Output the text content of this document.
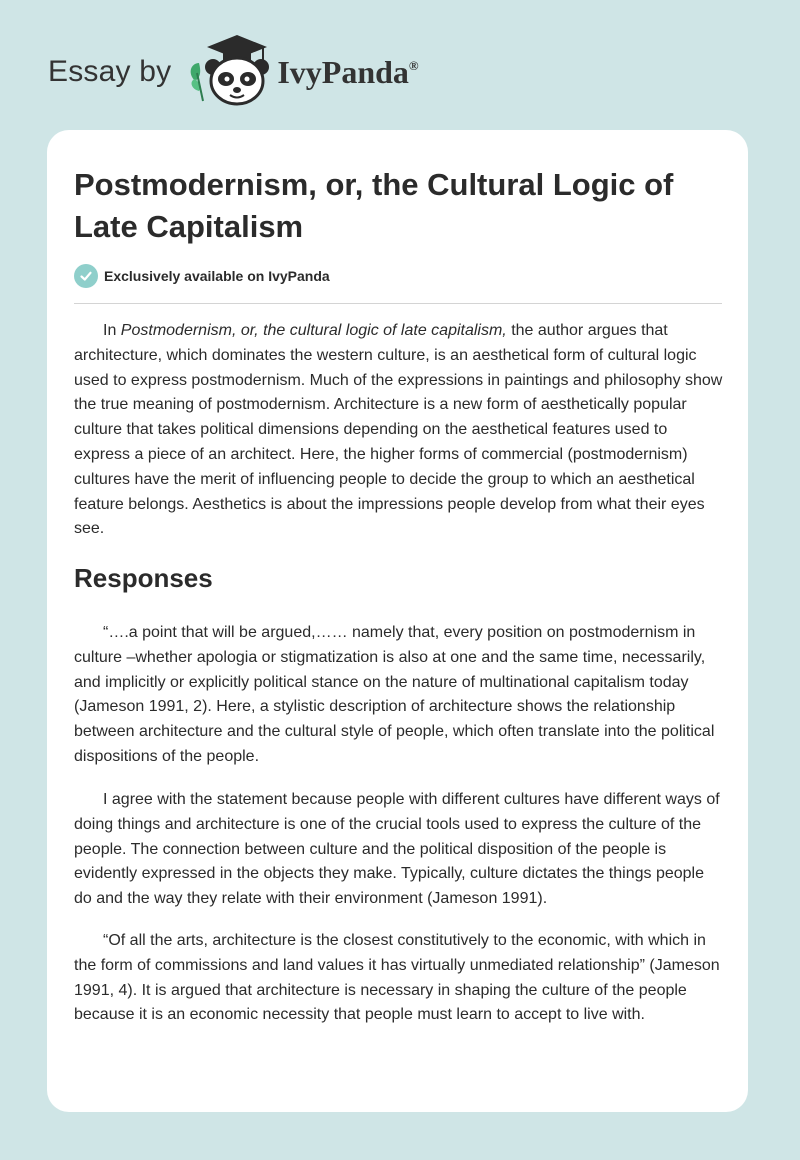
Essay by	IvyPanda®
Postmodernism, or, the Cultural Logic of Late Capitalism
Exclusively available on IvyPanda

In Postmodernism, or, the cultural logic of late capitalism, the author argues that architecture, which dominates the western culture, is an aesthetical form of cultural logic used to express postmodernism. Much of the expressions in paintings and philosophy show the true meaning of postmodernism. Architecture is a new form of aesthetically popular culture that takes political dimensions depending on the aesthetical features used to express a piece of an architect. Here, the higher forms of commercial (postmodernism) cultures have the merit of influencing people to decide the group to which an aesthetical feature belongs. Aesthetics is about the impressions people develop from what their eyes see.

Responses

“….a point that will be argued,…… namely that, every position on postmodernism in culture –whether apologia or stigmatization is also at one and the same time, necessarily, and implicitly or explicitly political stance on the nature of multinational capitalism today (Jameson 1991, 2). Here, a stylistic description of architecture shows the relationship between architecture and the cultural style of people, which often translate into the political dispositions of the people.

I agree with the statement because people with different cultures have different ways of doing things and architecture is one of the crucial tools used to express the culture of the people. The connection between culture and the political disposition of the people is evidently expressed in the objects they make. Typically, culture dictates the things people do and the way they relate with their environment (Jameson 1991).

“Of all the arts, architecture is the closest constitutively to the economic, with which in the form of commissions and land values it has virtually unmediated relationship” (Jameson 1991, 4). It is argued that architecture is necessary in shaping the culture of the people because it is an economic necessity that people must learn to accept to live with.
